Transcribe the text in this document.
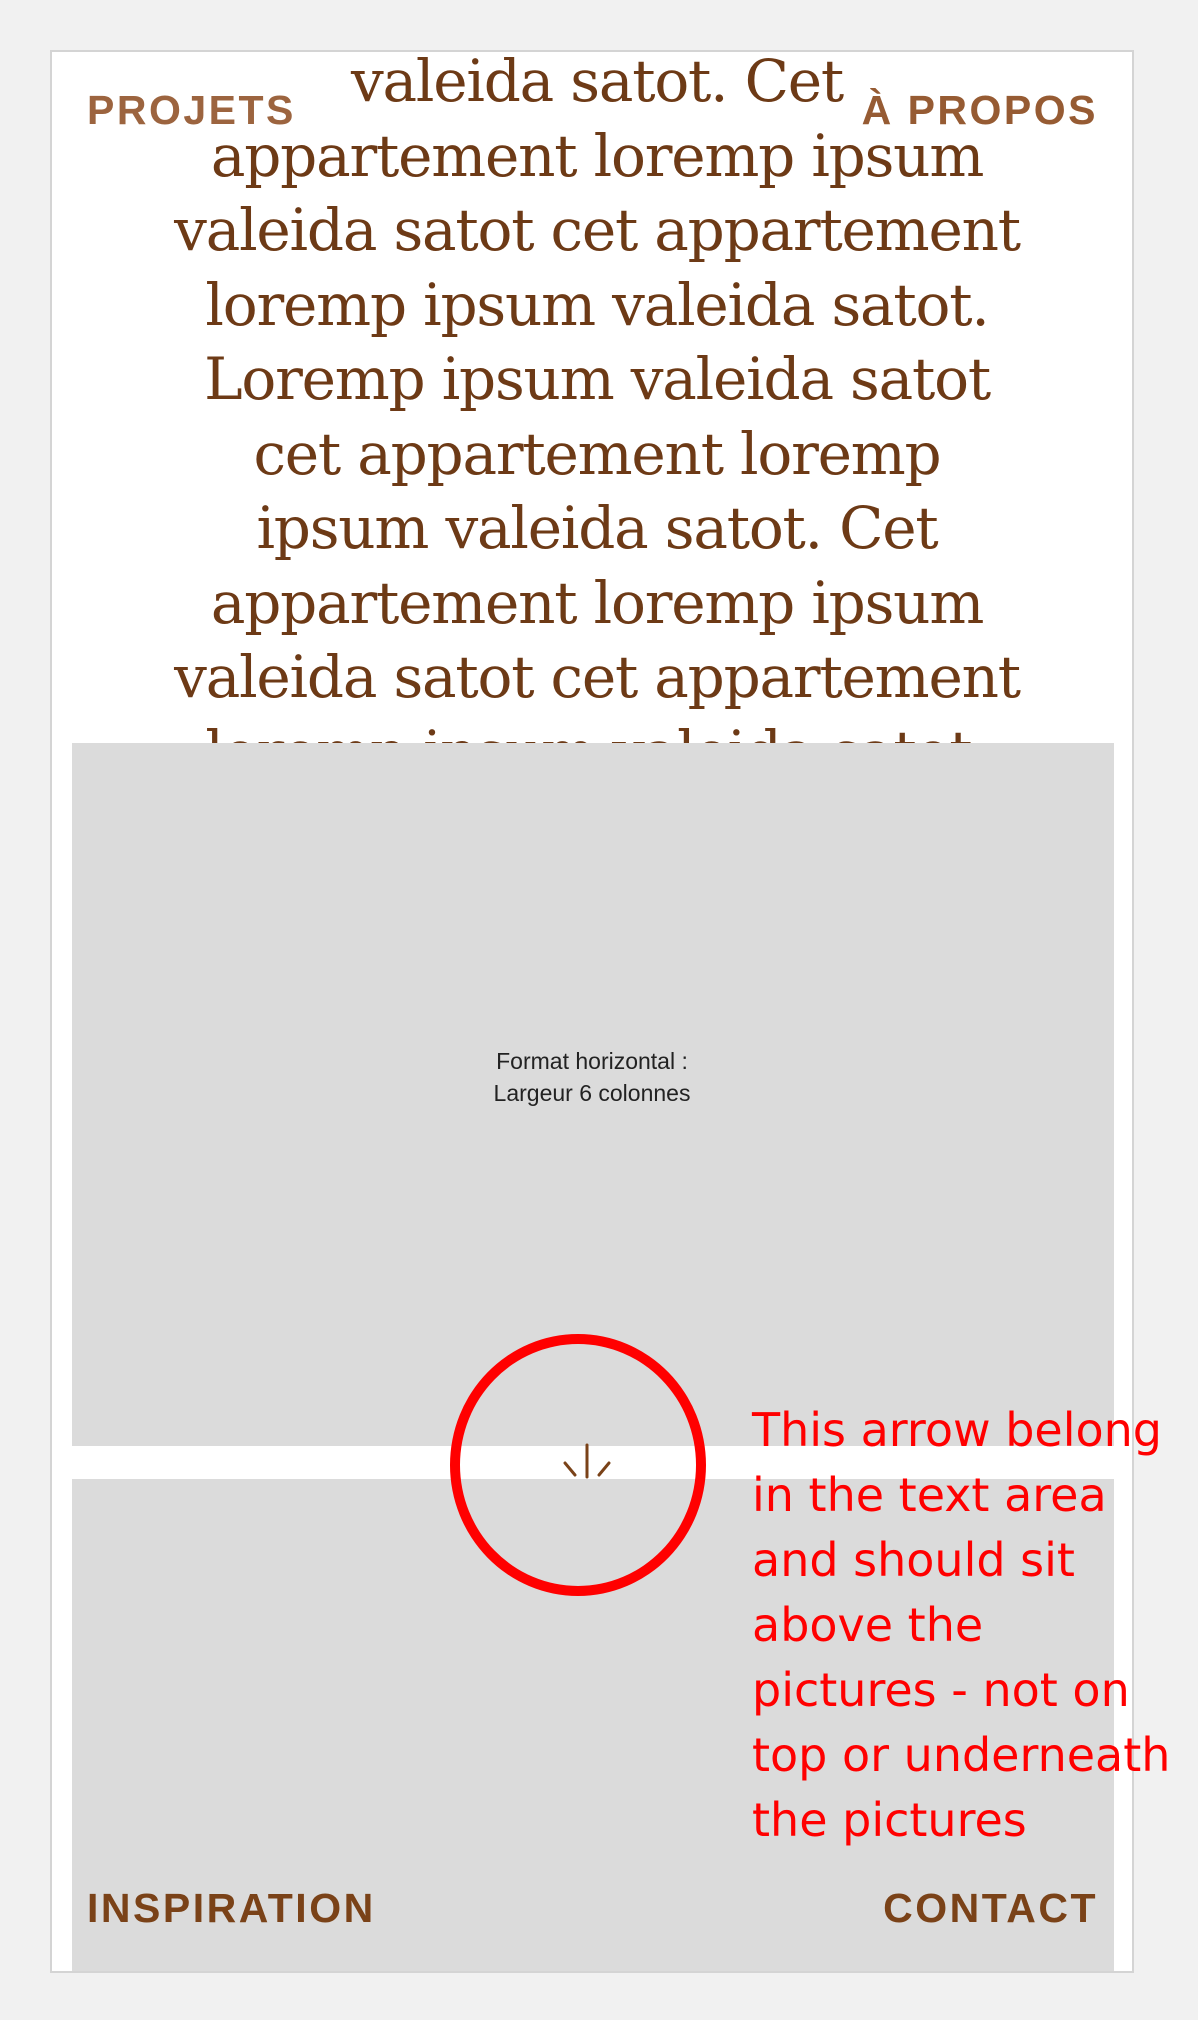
valeida satot. Cet appartement loremp ipsum valeida satot cet appartement loremp ipsum valeida satot. Loremp ipsum valeida satot cet appartement loremp ipsum valeida satot. Cet appartement loremp ipsum valeida satot cet appartement

PROJETS	À PROPOS
Format horizontal :
Largeur 6 colonnes
INSPIRATION	CONTACT

This arrow belong
in the text area
and should sit
above the
pictures - not on
top or underneath
the pictures
